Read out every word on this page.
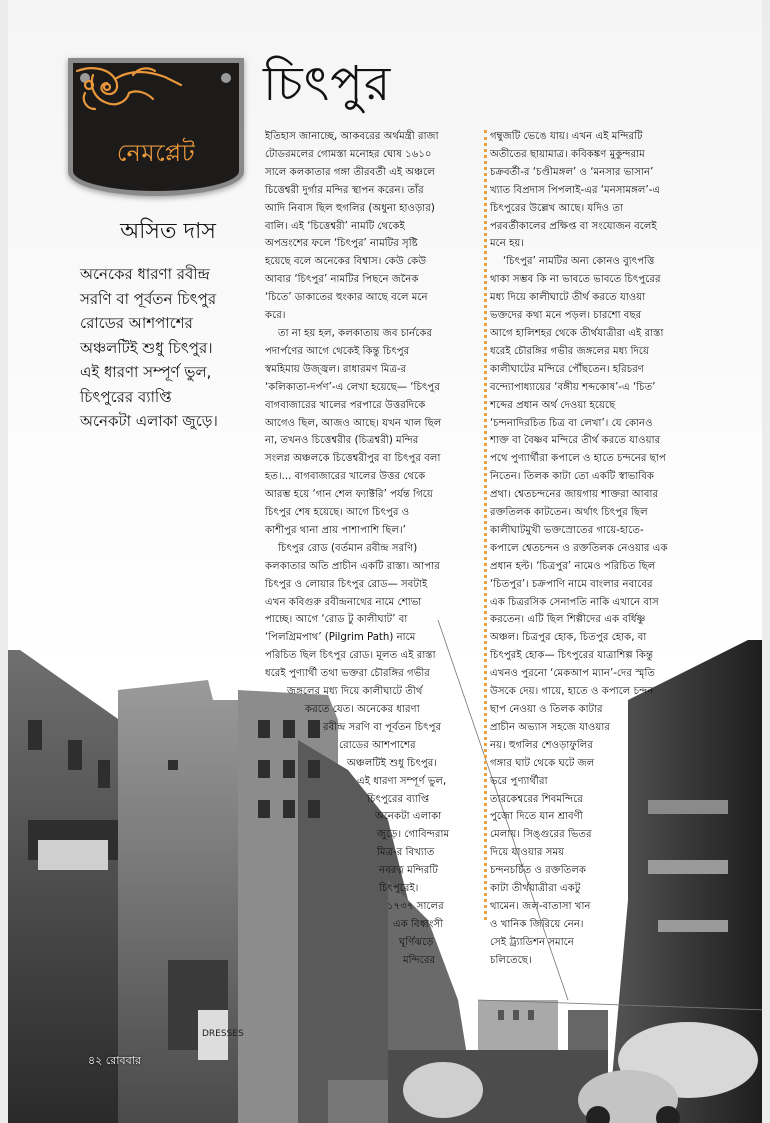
DRESSES
নেমপ্লেট
চিৎপুর
অসিত দাস
অনেকের ধারণা রবীন্দ্র
সরণি বা পূর্বতন চিৎপুর
রোডের আশপাশের
অঞ্চলটিই শুধু চিৎপুর।
এই ধারণা সম্পূর্ণ ভুল,
চিৎপুরের ব্যাপ্তি
অনেকটা এলাকা জুড়ে।
ইতিহাস জানাচ্ছে, আকবরের অর্থমন্ত্রী রাজা
টোডরমলের গোমস্তা মনোহর ঘোষ ১৬১০
সালে কলকাতার গঙ্গা তীরবর্তী এই অঞ্চলে
চিত্তেশ্বরী দুর্গার মন্দির স্থাপন করেন। তাঁর
আদি নিবাস ছিল হুগলির (অধুনা হাওড়ার)
বালি। এই ‘চিত্তেশ্বরী’ নামটি থেকেই
অপভ্রংশের ফলে ‘চিৎপুর’ নামটির সৃষ্টি
হয়েছে বলে অনেকের বিশ্বাস। কেউ কেউ
আবার ‘চিৎপুর’ নামটির পিছনে জনৈক
‘চিতে’ ডাকাতের হুংকার আছে বলে মনে
করে।
তা না হয় হল, কলকাতায় জব চার্নকের
পদার্পণের আগে থেকেই কিন্তু চিৎপুর
স্বমহিমায় উজ্জ্বল। রাধারমণ মিত্র-র
‘কলিকাতা-দর্পণ’-এ লেখা হয়েছে— ‘চিৎপুর
বাগবাজারের খালের পরপারে উত্তরদিকে
আগেও ছিল, আজও আছে। যখন খাল ছিল
না, তখনও চিত্তেশ্বরীর (চিত্রশ্বরী) মন্দির
সংলগ্ন অঞ্চলকে চিত্তেশ্বরীপুর বা চিৎপুর বলা
হত।... বাগবাজারের খালের উত্তর থেকে
আরম্ভ হয়ে ‘গান শেল ফ্যাক্টরি’ পর্যন্ত গিয়ে
চিৎপুর শেষ হয়েছে। আগে চিৎপুর ও
কাশীপুর থানা প্রায় পাশাপাশি ছিল।’
চিৎপুর রোড (বর্তমান রবীন্দ্র সরণি)
কলকাতার অতি প্রাচীন একটি রাস্তা। আপার
চিৎপুর ও লোয়ার চিৎপুর রোড— সবটাই
এখন কবিগুরু রবীন্দ্রনাথের নামে শোভা
পাচ্ছে। আগে ‘রোড টু কালীঘাট’ বা
‘পিলগ্রিমপাথ’ (Pilgrim Path) নামে
পরিচিত ছিল চিৎপুর রোড। মূলত এই রাস্তা
ধরেই পুণ্যার্থী তথা ভক্তরা চৌরঙ্গির গভীর
জঙ্গলের মধ্য দিয়ে কালীঘাটে তীর্থ
করতে যেত। অনেকের ধারণা
রবীন্দ্র সরণি বা পূর্বতন চিৎপুর
রোডের আশপাশের
অঞ্চলটিই শুধু চিৎপুর।
এই ধারণা সম্পূর্ণ ভুল,
চিৎপুরের ব্যাপ্তি
অনেকটা এলাকা
জুড়ে। গোবিন্দরাম
মিত্র-র বিখ্যাত
নবরত্ন মন্দিরটি
চিৎপুরেই।
১৭৩৭ সালের
এক বিধ্বংসী
ঘূর্ণিঝড়ে
মন্দিরের
গম্বুজটি ভেঙে যায়। এখন এই মন্দিরটি
অতীতের ছায়ামাত্র। কবিকঙ্কণ মুকুন্দরাম
চক্রবর্তী-র ‘চণ্ডীমঙ্গল’ ও ‘মনসার ভাসান’
খ্যাত বিপ্রদাস পিপলাই-এর ‘মনসামঙ্গল’-এ
চিৎপুরের উল্লেখ আছে। যদিও তা
পরবর্তীকালের প্রক্ষিপ্ত বা সংযোজন বলেই
মনে হয়।
‘চিৎপুর’ নামটির অন্য কোনও ব্যুৎপত্তি
থাকা সম্ভব কি না ভাবতে ভাবতে চিৎপুরের
মধ্য দিয়ে কালীঘাটে তীর্থ করতে যাওয়া
ভক্তদের কথা মনে পড়ল। চারশো বছর
আগে হালিশহর থেকে তীর্থযাত্রীরা এই রাস্তা
ধরেই চৌরঙ্গির গভীর জঙ্গলের মধ্য দিয়ে
কালীঘাটের মন্দিরে পৌঁছতেন। হরিচরণ
বন্দ্যোপাধ্যায়ের ‘বঙ্গীয় শব্দকোষ’-এ ‘চিত’
শব্দের প্রধান অর্থ দেওয়া হয়েছে
‘চন্দনাদিরচিত চিত্র বা লেখা’। যে কোনও
শাক্ত বা বৈষ্ণব মন্দিরে তীর্থ করতে যাওয়ার
পথে পুণ্যার্থীরা কপালে ও হাতে চন্দনের ছাপ
নিতেন। তিলক কাটা তো একটি স্বাভাবিক
প্রথা। শ্বেতচন্দনের জায়গায় শাক্তরা আবার
রক্ততিলক কাটতেন। অর্থাৎ চিৎপুর ছিল
কালীঘাটমুখী ভক্তস্রোতের গায়ে-হাতে-
কপালে শ্বেতচন্দন ও রক্ততিলক নেওয়ার এক
প্রধান হল্ট। ‘চিত্রপুর’ নামেও পরিচিত ছিল
‘চিতপুর’। চক্রপাণি নামে বাংলার নবাবের
এক চিত্ররসিক সেনাপতি নাকি এখানে বাস
করতেন। এটি ছিল শিল্পীদের এক বর্ধিষ্ণু
অঞ্চল। চিত্রপুর হোক, চিতপুর হোক, বা
চিৎপুরই হোক— চিৎপুরের যাত্রাশিল্প কিন্তু
এখনও পুরনো ‘মেকআপ ম্যান’-দের স্মৃতি
উসকে দেয়। গায়ে, হাতে ও কপালে চন্দন
ছাপ নেওয়া ও তিলক কাটার
প্রাচীন অভ্যাস সহজে যাওয়ার
নয়। হুগলির শেওড়াফুলির
গঙ্গার ঘাট থেকে ঘটে জল
ভরে পুণ্যার্থীরা
তারকেশ্বরের শিবমন্দিরে
পুজো দিতে যান শ্রাবণী
মেলায়। সিঙ্গুরের ভিতর
দিয়ে যাওয়ার সময়
চন্দনচর্চিত ও রক্ততিলক
কাটা তীর্থযাত্রীরা একটু
থামেন। জল-বাতাসা খান
ও খানিক জিরিয়ে নেন।
সেই ট্র্যাডিশন সমানে
চলিতেছে।
৪২ রোববার
